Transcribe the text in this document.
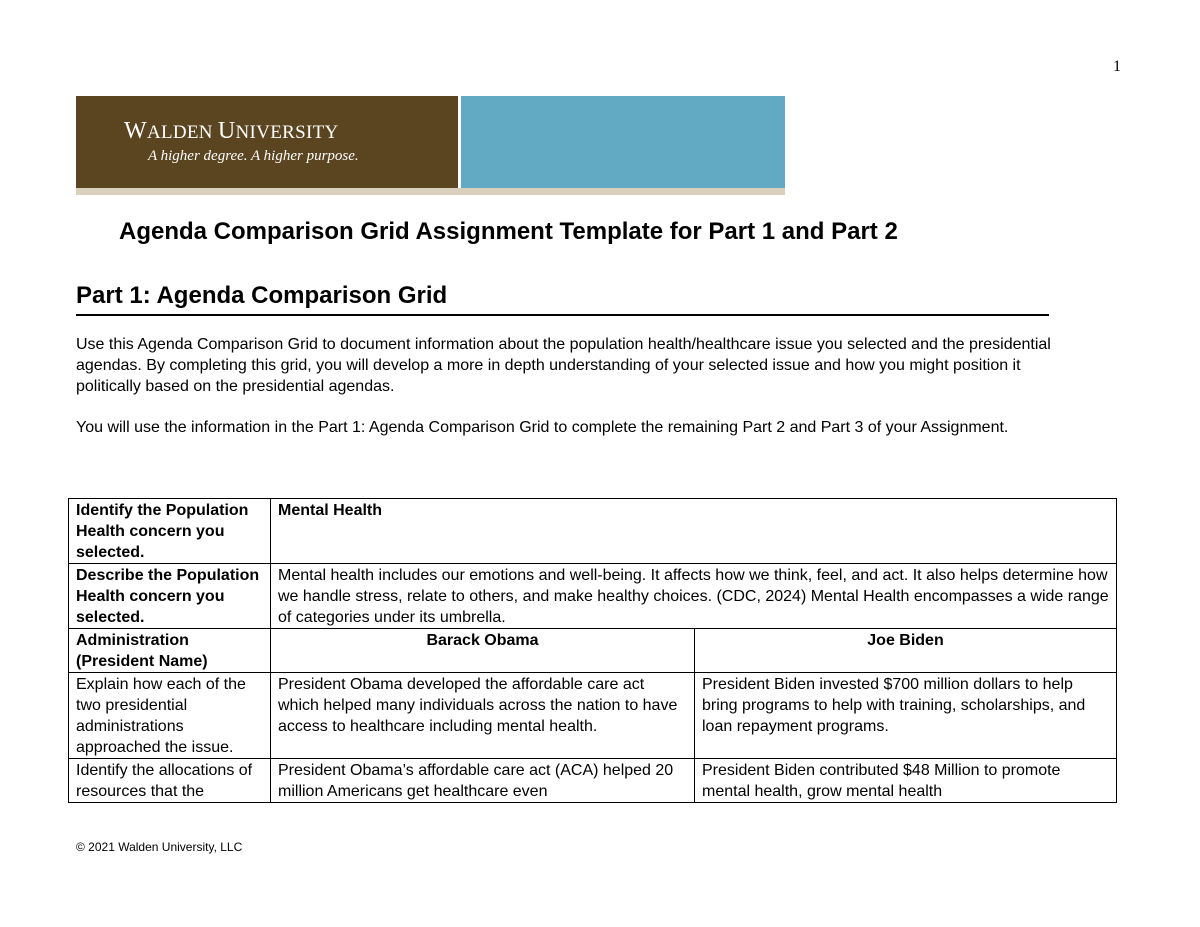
1
WALDEN UNIVERSITY
A higher degree. A higher purpose.
Agenda Comparison Grid Assignment Template for Part 1 and Part 2
Part 1: Agenda Comparison Grid
Use this Agenda Comparison Grid to document information about the population health/healthcare issue you selected and the presidential agendas. By completing this grid, you will develop a more in depth understanding of your selected issue and how you might position it politically based on the presidential agendas.
You will use the information in the Part 1: Agenda Comparison Grid to complete the remaining Part 2 and Part 3 of your Assignment.
Identify the Population Health concern you selected.	Mental Health	
Describe the Population Health concern you selected.	Mental health includes our emotions and well-being. It affects how we think, feel, and act. It also helps determine how we handle stress, relate to others, and make healthy choices. (CDC, 2024) Mental Health encompasses a wide range of categories under its umbrella.	
Administration (President Name)	Barack Obama	Joe Biden
Explain how each of the two presidential administrations approached the issue.	President Obama developed the affordable care act which helped many individuals across the nation to have access to healthcare including mental health.	President Biden invested $700 million dollars to help bring programs to help with training, scholarships, and loan repayment programs.
Identify the allocations of resources that the	President Obama’s affordable care act (ACA) helped 20 million Americans get healthcare even	President Biden contributed $48 Million to promote mental health, grow mental health
© 2021 Walden University, LLC
